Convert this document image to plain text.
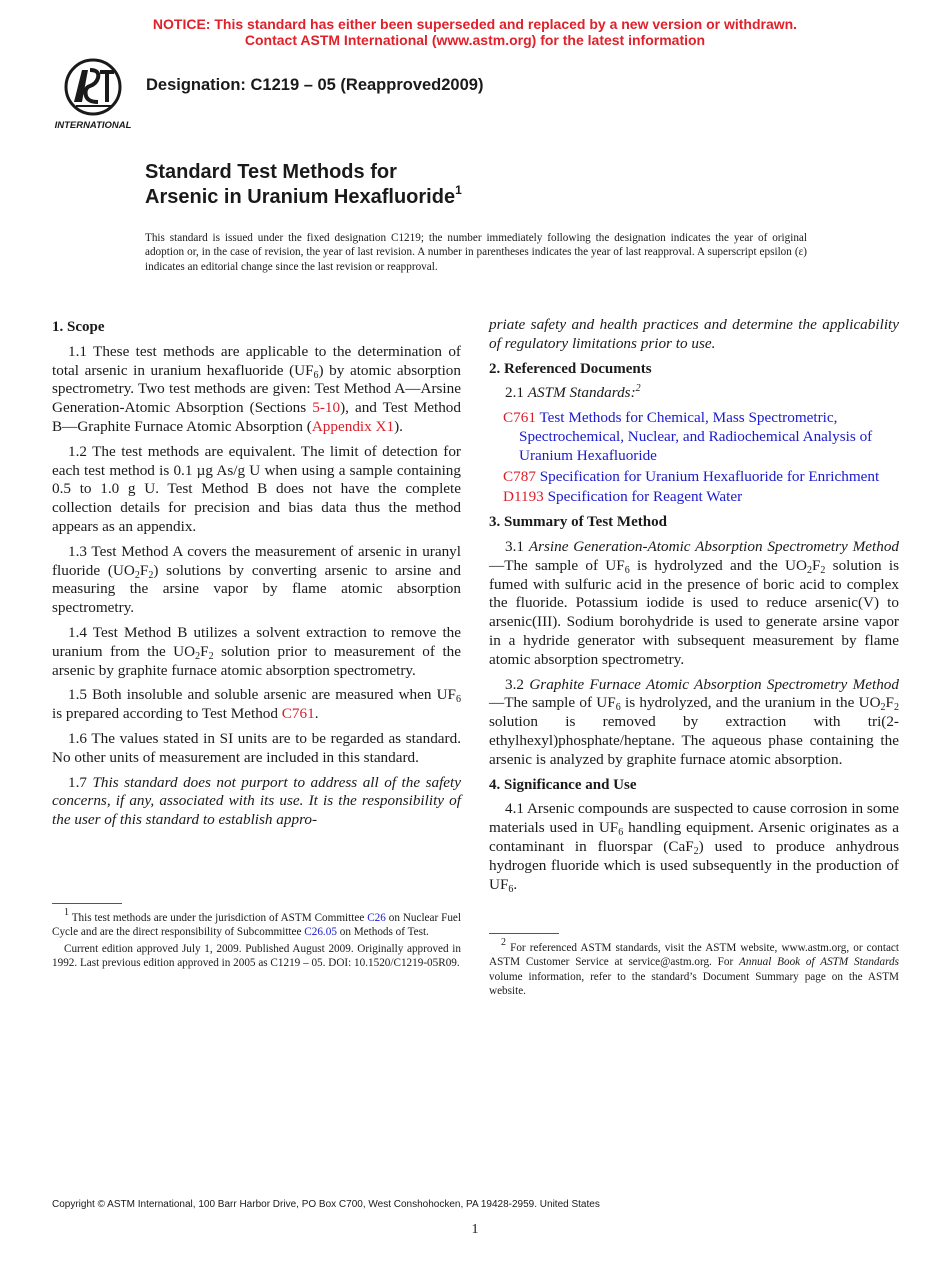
NOTICE: This standard has either been superseded and replaced by a new version or withdrawn.
Contact ASTM International (www.astm.org) for the latest information
INTERNATIONAL
Designation: C1219 – 05 (Reapproved2009)
Standard Test Methods for
Arsenic in Uranium Hexafluoride$^1$
This standard is issued under the fixed designation C1219; the number immediately following the designation indicates the year of original adoption or, in the case of revision, the year of last revision. A number in parentheses indicates the year of last reapproval. A superscript epsilon (ε) indicates an editorial change since the last revision or reapproval.
1. Scope

1.1 These test methods are applicable to the determination of total arsenic in uranium hexafluoride $(UF_6)$ by atomic absorption spectrometry. Two test methods are given: Test Method A—Arsine Generation-Atomic Absorption (Sections 5-10), and Test Method B—Graphite Furnace Atomic Absorption (Appendix X1).

1.2 The test methods are equivalent. The limit of detection for each test method is 0.1 µg As/g U when using a sample containing 0.5 to 1.0 g U. Test Method B does not have the complete collection details for precision and bias data thus the method appears as an appendix.

1.3 Test Method A covers the measurement of arsenic in uranyl fluoride $(UO_2F_2)$ solutions by converting arsenic to arsine and measuring the arsine vapor by flame atomic absorption spectrometry.

1.4 Test Method B utilizes a solvent extraction to remove the uranium from the $UO_2F_2$ solution prior to measurement of the arsenic by graphite furnace atomic absorption spectrometry.

1.5 Both insoluble and soluble arsenic are measured when $UF_6$ is prepared according to Test Method C761.

1.6 The values stated in SI units are to be regarded as standard. No other units of measurement are included in this standard.

1.7 This standard does not purport to address all of the safety concerns, if any, associated with its use. It is the responsibility of the user of this standard to establish appro-

priate safety and health practices and determine the applicability of regulatory limitations prior to use.

2. Referenced Documents

2.1 ASTM Standards:$^2$

C761 Test Methods for Chemical, Mass Spectrometric, Spectrochemical, Nuclear, and Radiochemical Analysis of Uranium Hexafluoride

C787 Specification for Uranium Hexafluoride for Enrichment

D1193 Specification for Reagent Water

3. Summary of Test Method

3.1 Arsine Generation-Atomic Absorption Spectrometry Method—The sample of $UF_6$ is hydrolyzed and the $UO_2F_2$ solution is fumed with sulfuric acid in the presence of boric acid to complex the fluoride. Potassium iodide is used to reduce arsenic(V) to arsenic(III). Sodium borohydride is used to generate arsine vapor in a hydride generator with subsequent measurement by flame atomic absorption spectrometry.

3.2 Graphite Furnace Atomic Absorption Spectrometry Method—The sample of $UF_6$ is hydrolyzed, and the uranium in the $UO_2F_2$ solution is removed by extraction with tri(2-ethylhexyl)phosphate/heptane. The aqueous phase containing the arsenic is analyzed by graphite furnace atomic absorption.

4. Significance and Use

4.1 Arsenic compounds are suspected to cause corrosion in some materials used in $UF_6$ handling equipment. Arsenic originates as a contaminant in fluorspar (CaF$_2$) used to produce anhydrous hydrogen fluoride which is used subsequently in the production of $UF_6$.

$^1$ This test methods are under the jurisdiction of ASTM Committee C26 on Nuclear Fuel Cycle and are the direct responsibility of Subcommittee C26.05 on Methods of Test.

Current edition approved July 1, 2009. Published August 2009. Originally approved in 1992. Last previous edition approved in 2005 as C1219 – 05. DOI: 10.1520/C1219-05R09.

$^2$ For referenced ASTM standards, visit the ASTM website, www.astm.org, or contact ASTM Customer Service at service@astm.org. For Annual Book of ASTM Standards volume information, refer to the standard’s Document Summary page on the ASTM website.

Copyright © ASTM International, 100 Barr Harbor Drive, PO Box C700, West Conshohocken, PA 19428-2959. United States
1
